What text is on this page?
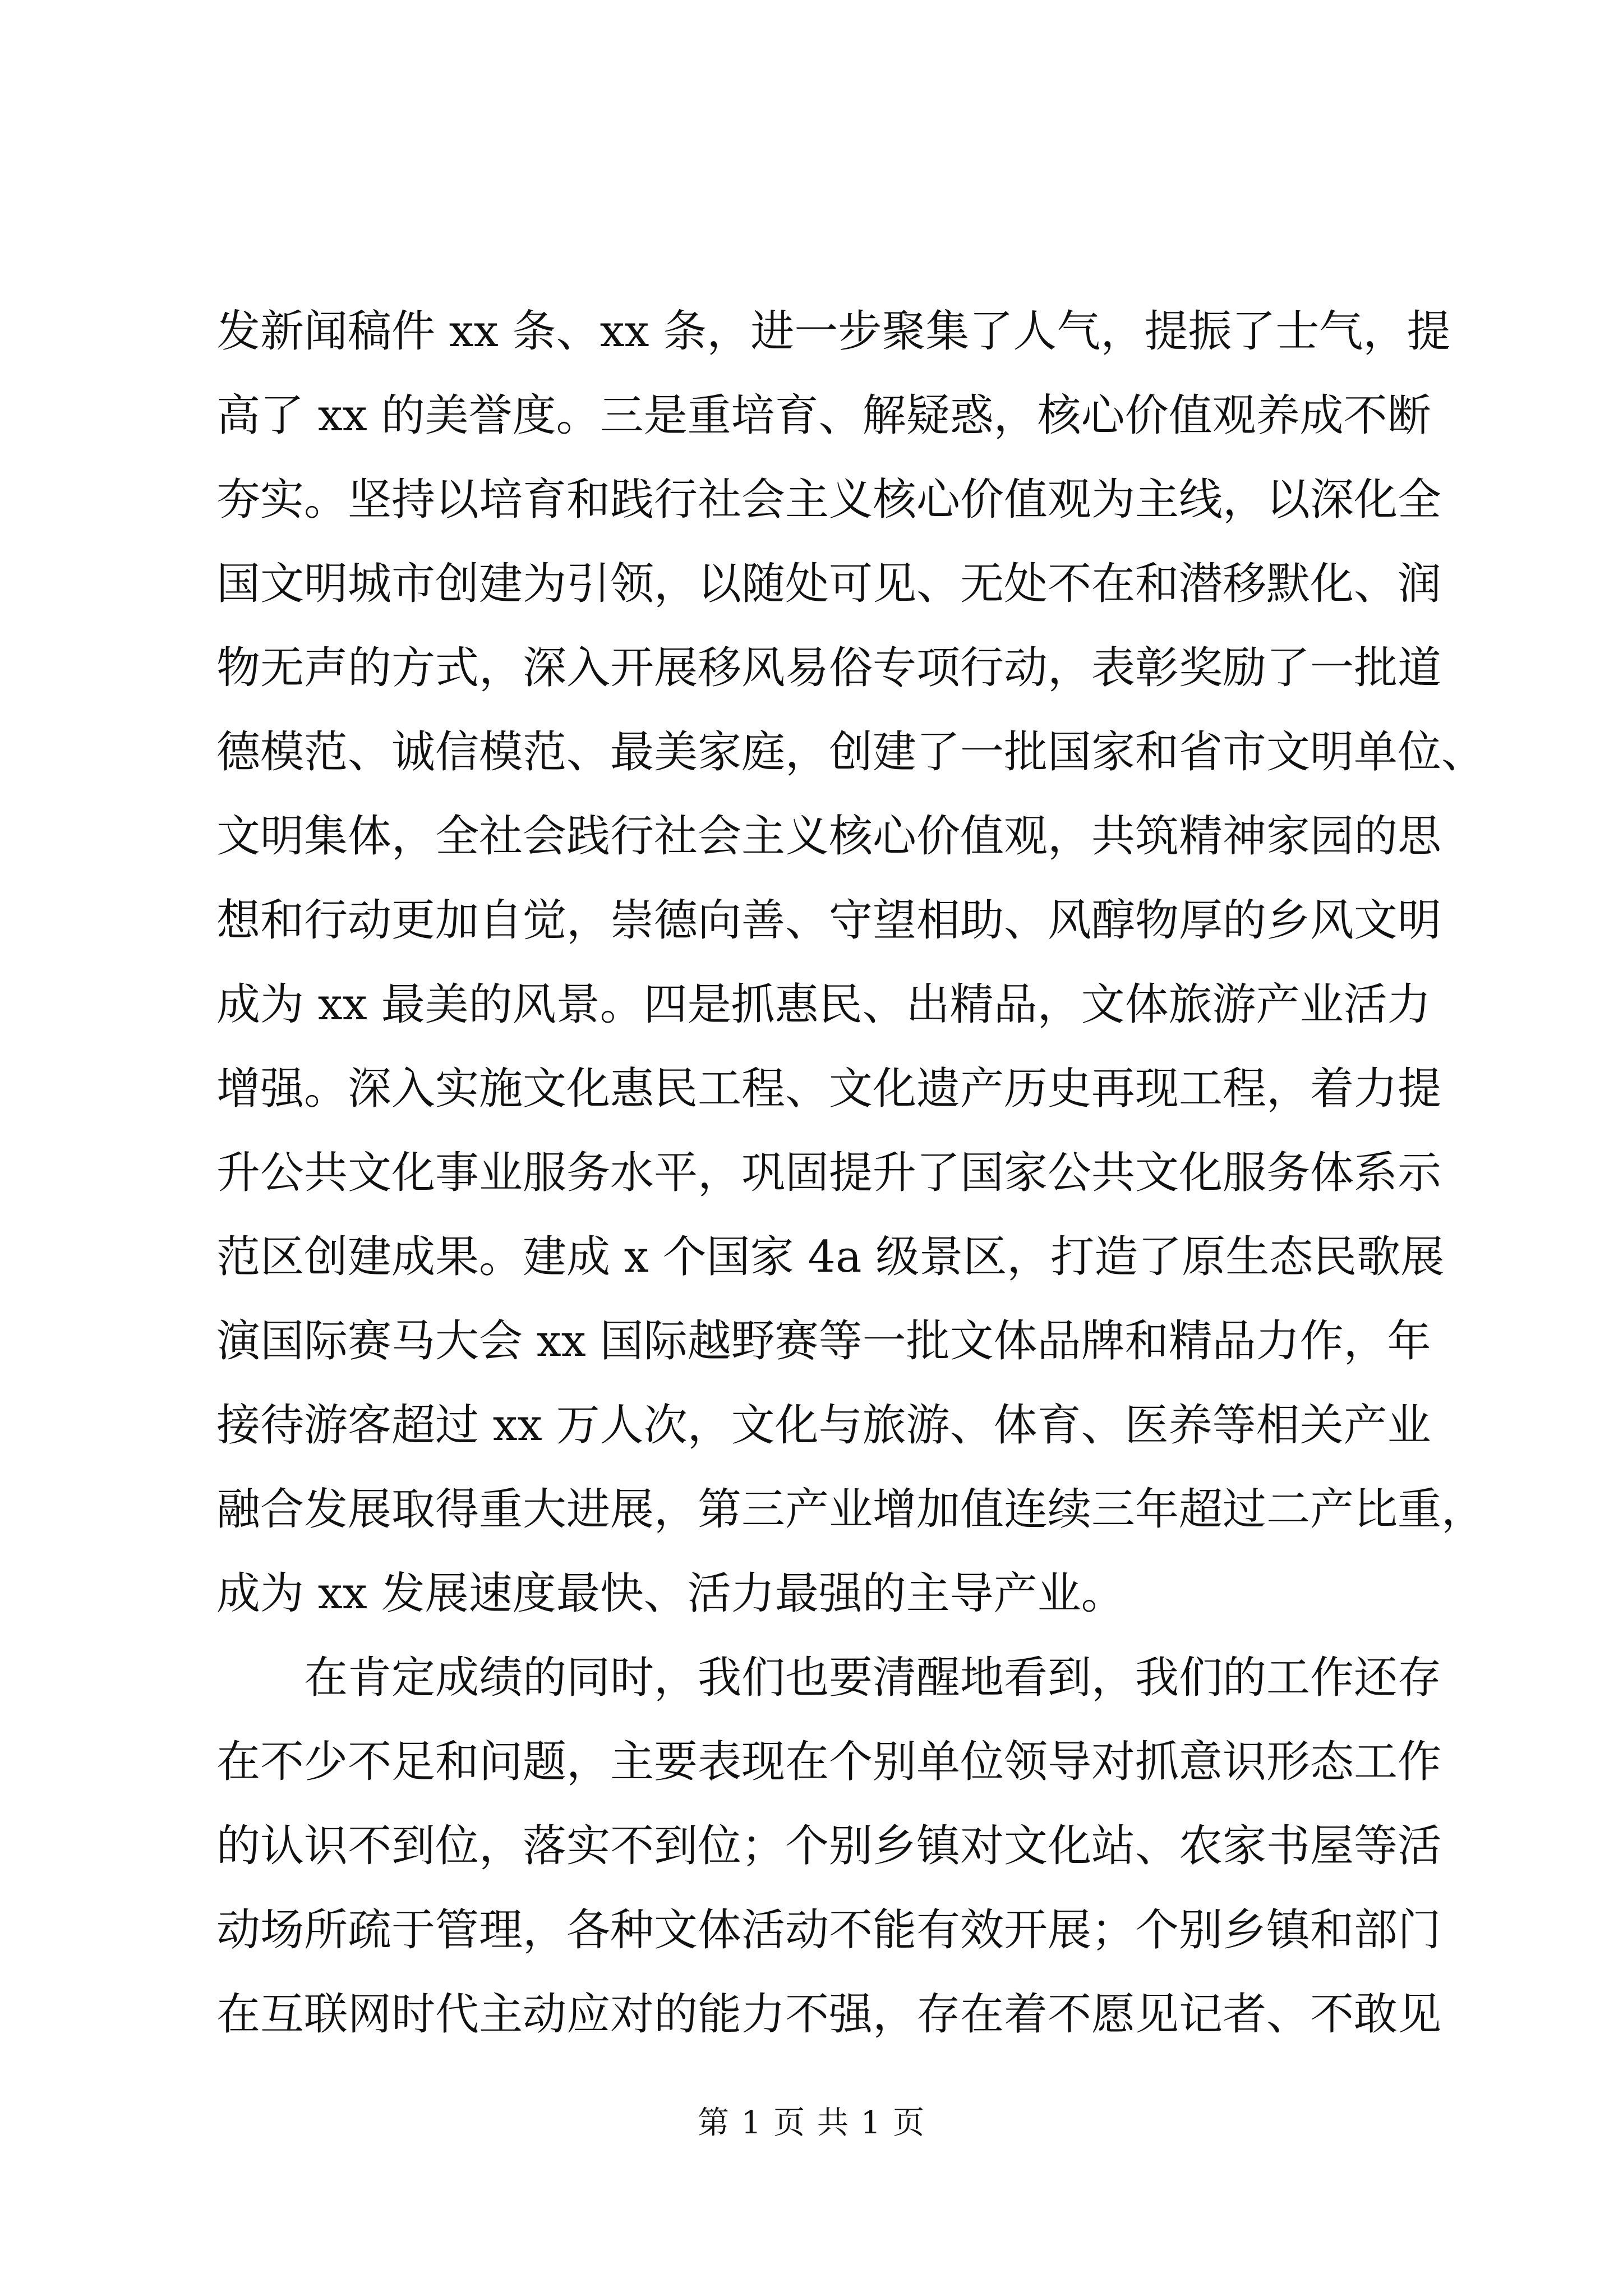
发新闻稿件 xx 条、xx 条，进一步聚集了人气，提振了士气，提
高了 xx 的美誉度。三是重培育、解疑惑，核心价值观养成不断
夯实。坚持以培育和践行社会主义核心价值观为主线，以深化全
国文明城市创建为引领，以随处可见、无处不在和潜移默化、润
物无声的方式，深入开展移风易俗专项行动，表彰奖励了一批道
德模范、诚信模范、最美家庭，创建了一批国家和省市文明单位、
文明集体，全社会践行社会主义核心价值观，共筑精神家园的思
想和行动更加自觉，崇德向善、守望相助、风醇物厚的乡风文明
成为 xx 最美的风景。四是抓惠民、出精品，文体旅游产业活力
增强。深入实施文化惠民工程、文化遗产历史再现工程，着力提
升公共文化事业服务水平，巩固提升了国家公共文化服务体系示
范区创建成果。建成 x 个国家 4a 级景区，打造了原生态民歌展
演国际赛马大会 xx 国际越野赛等一批文体品牌和精品力作，年
接待游客超过 xx 万人次，文化与旅游、体育、医养等相关产业
融合发展取得重大进展，第三产业增加值连续三年超过二产比重，
成为 xx 发展速度最快、活力最强的主导产业。
在肯定成绩的同时，我们也要清醒地看到，我们的工作还存
在不少不足和问题，主要表现在个别单位领导对抓意识形态工作
的认识不到位，落实不到位；个别乡镇对文化站、农家书屋等活
动场所疏于管理，各种文体活动不能有效开展；个别乡镇和部门
在互联网时代主动应对的能力不强，存在着不愿见记者、不敢见
第 1 页 共 1 页
